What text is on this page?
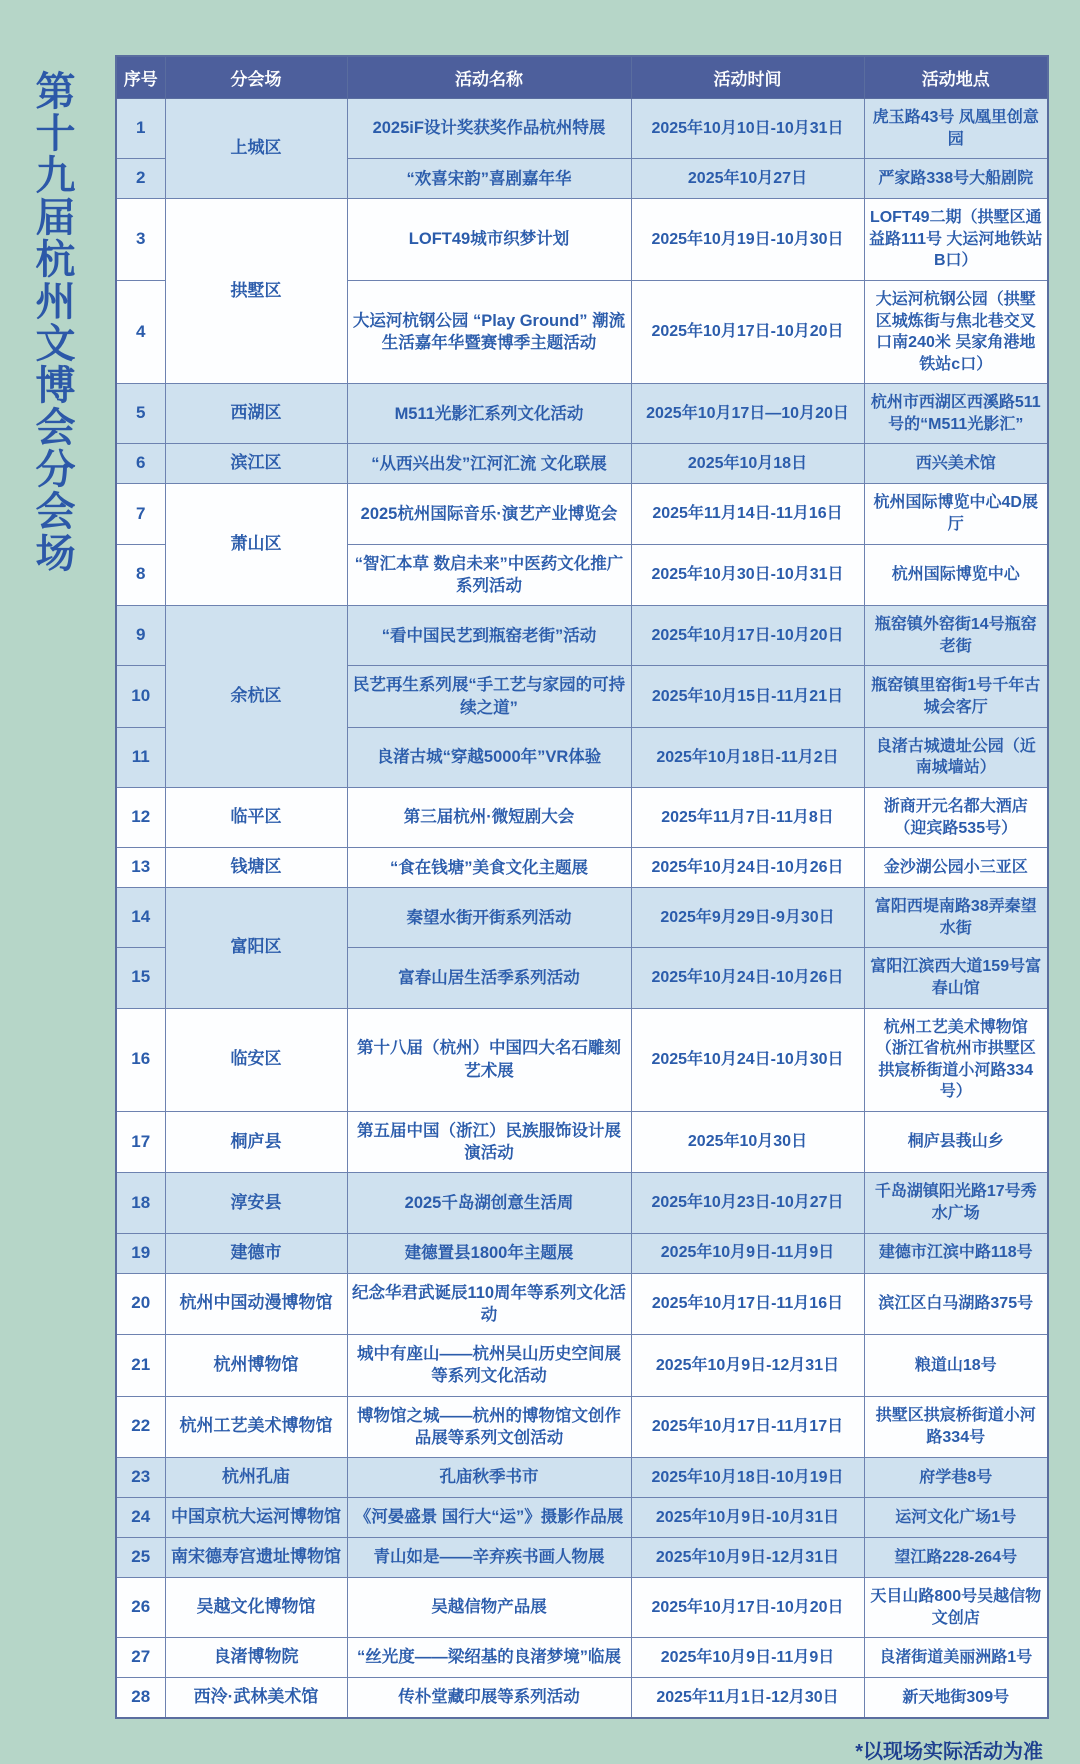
第十九届杭州文博会分会场	序号	分会场	活动名称	活动时间	活动地点
1	上城区	2025iF设计奖获奖作品杭州特展	2025年10月10日-10月31日	虎玉路43号 凤凰里创意园
2		“欢喜宋韵”喜剧嘉年华	2025年10月27日	严家路338号大船剧院
3	拱墅区	LOFT49城市织梦计划	2025年10月19日-10月30日	LOFT49二期（拱墅区通益路111号 大运河地铁站B口）
4		大运河杭钢公园 “Play Ground” 潮流生活嘉年华暨赛博季主题活动	2025年10月17日-10月20日	大运河杭钢公园（拱墅区城炼街与焦北巷交叉口南240米 吴家角港地铁站c口）
5	西湖区	M511光影汇系列文化活动	2025年10月17日—10月20日	杭州市西湖区西溪路511号的“M511光影汇”
6	滨江区	“从西兴出发”江河汇流 文化联展	2025年10月18日	西兴美术馆
7	萧山区	2025杭州国际音乐·演艺产业博览会	2025年11月14日-11月16日	杭州国际博览中心4D展厅
8		“智汇本草 数启未来”中医药文化推广系列活动	2025年10月30日-10月31日	杭州国际博览中心
9	余杭区	“看中国民艺到瓶窑老街”活动	2025年10月17日-10月20日	瓶窑镇外窑街14号瓶窑老街
10		民艺再生系列展“手工艺与家园的可持续之道”	2025年10月15日-11月21日	瓶窑镇里窑街1号千年古城会客厅
11		良渚古城“穿越5000年”VR体验	2025年10月18日-11月2日	良渚古城遗址公园（近南城墙站）
12	临平区	第三届杭州·微短剧大会	2025年11月7日-11月8日	浙商开元名都大酒店（迎宾路535号）
13	钱塘区	“食在钱塘”美食文化主题展	2025年10月24日-10月26日	金沙湖公园小三亚区
14	富阳区	秦望水街开街系列活动	2025年9月29日-9月30日	富阳西堤南路38弄秦望水街
15		富春山居生活季系列活动	2025年10月24日-10月26日	富阳江滨西大道159号富春山馆
16	临安区	第十八届（杭州）中国四大名石雕刻艺术展	2025年10月24日-10月30日	杭州工艺美术博物馆（浙江省杭州市拱墅区拱宸桥街道小河路334号）
17	桐庐县	第五届中国（浙江）民族服饰设计展演活动	2025年10月30日	桐庐县莪山乡
18	淳安县	2025千岛湖创意生活周	2025年10月23日-10月27日	千岛湖镇阳光路17号秀水广场
19	建德市	建德置县1800年主题展	2025年10月9日-11月9日	建德市江滨中路118号
20	杭州中国动漫博物馆	纪念华君武诞辰110周年等系列文化活动	2025年10月17日-11月16日	滨江区白马湖路375号
21	杭州博物馆	城中有座山——杭州吴山历史空间展等系列文化活动	2025年10月9日-12月31日	粮道山18号
22	杭州工艺美术博物馆	博物馆之城——杭州的博物馆文创作品展等系列文创活动	2025年10月17日-11月17日	拱墅区拱宸桥街道小河路334号
23	杭州孔庙	孔庙秋季书市	2025年10月18日-10月19日	府学巷8号
24	中国京杭大运河博物馆	《河晏盛景 国行大“运”》摄影作品展	2025年10月9日-10月31日	运河文化广场1号
25	南宋德寿宫遗址博物馆	青山如是——辛弃疾书画人物展	2025年10月9日-12月31日	望江路228-264号
26	吴越文化博物馆	吴越信物产品展	2025年10月17日-10月20日	天目山路800号吴越信物文创店
27	良渚博物院	“丝光度——梁绍基的良渚梦境”临展	2025年10月9日-11月9日	良渚街道美丽洲路1号
28	西泠·武林美术馆	传朴堂藏印展等系列活动	2025年11月1日-12月30日	新天地街309号
*以现场实际活动为准
